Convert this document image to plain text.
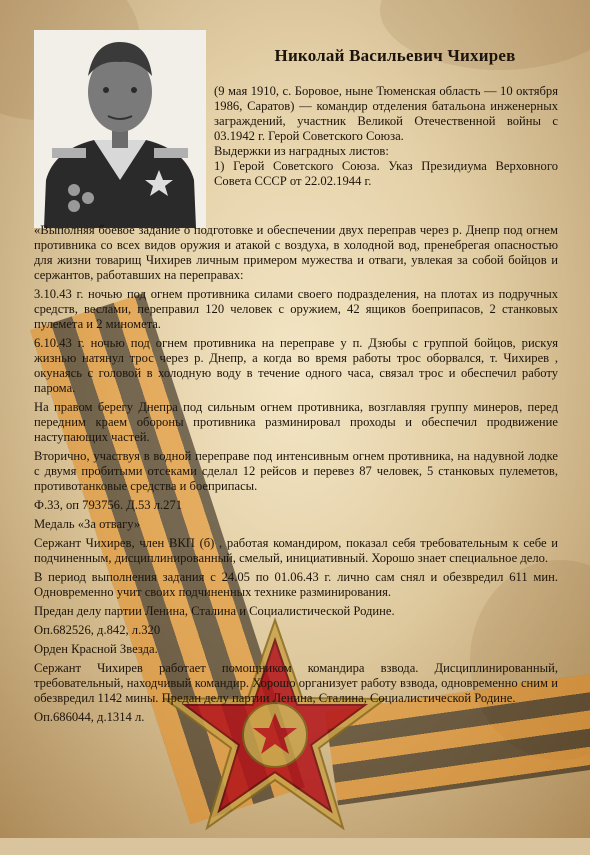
Николай Васильевич Чихирев

(9 мая 1910, с. Боровое, ныне Тюменская область — 10 октября 1986, Саратов) — командир отделения батальона инженерных заграждений, участник Великой Отечественной войны с 03.1942 г. Герой Советского Союза.

Выдержки из наградных листов:

1) Герой Советского Союза. Указ Президиума Верховного Совета СССР от 22.02.1944 г.

«Выполняя боевое задание о подготовке и обеспечении двух переправ через р. Днепр под огнем противника со всех видов оружия и атакой с воздуха, в холодной вод, пренебрегая опасностью для жизни товарищ Чихирев личным примером мужества и отваги, увлекая за собой бойцов и сержантов, работавших на переправах:

3.10.43 г. ночью под огнем противника силами своего подразделения, на плотах из подручных средств, веслами, переправил 120 человек с оружием, 42 ящиков боеприпасов, 2 станковых пулемета и 2 минометa.

6.10.43 г. ночью под огнем противника на переправе у п. Дзюбы с группой бойцов, рискуя жизнью натянул трос через р. Днепр, а когда во время работы трос оборвался, т. Чихирев , окунаясь с головой в холодную воду в течение одного часа, связал трос и обеспечил работу парома.

На правом берегу Днепра под сильным огнем противника, возглавляя группу минеров, перед передним краем обороны противника разминировал проходы и обеспечил продвижение наступающих частей.

Вторично, участвуя в водной переправе под интенсивным огнем противника, на надувной лодке с двумя пробитыми отсеками сделал 12 рейсов и перевез 87 человек, 5 станковых пулеметов, противотанковые средства и боеприпасы.

Ф.33, оп 793756. Д.53 л.271

Медаль «За отвагу»

Сержант Чихирев, член ВКП (б) , работая командиром, показал себя требовательным к себе и подчиненным, дисциплинированный, смелый, инициативный. Хорошо знает специальное дело.

В период выполнения задания с 24.05 по 01.06.43 г. лично сам снял и обезвредил 611 мин. Одновременно учит своих подчиненных технике разминирования.

Предан делу партии Ленина, Сталина и Социалистической Родине.

Оп.682526, д.842, л.320

Орден Красной Звезда.

Сержант Чихирев работает помощником командира взвода. Дисциплинированный, требовательный, находчивый командир. Хорошо организует работу взвода, одновременно сним и обезвредил 1142 мины. Предан делу партии Ленина, Сталина, Социалистической Родине.

Оп.686044, д.1314 л.
